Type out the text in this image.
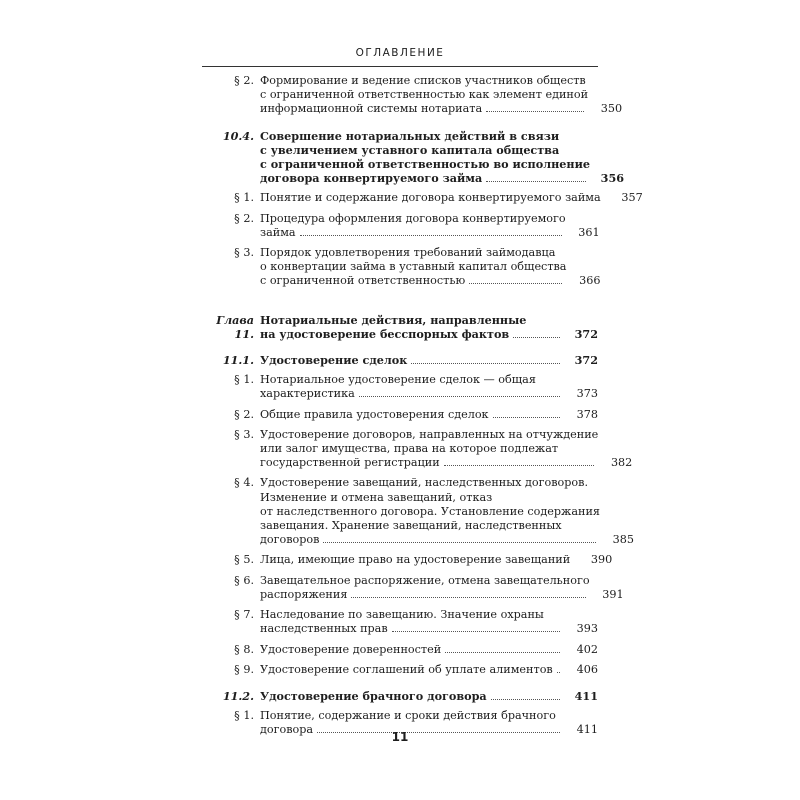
ОГЛАВЛЕНИЕ
§ 2. Формирование и ведение списков участников обществ
с ограниченной ответственностью как элемент единой
информационной системы нотариата	350
10.4. Совершение нотариальных действий в связи
с увеличением уставного капитала общества
с ограниченной ответственностью во исполнение
договора конвертируемого займа	356
§ 1. Понятие и содержание договора конвертируемого займа	357
§ 2. Процедура оформления договора конвертируемого
займа	361
§ 3. Порядок удовлетворения требований займодавца
о конвертации займа в уставный капитал общества
с ограниченной ответственностью	366
Глава 11.
Нотариальные действия, направленные
на удостоверение бесспорных фактов	372
11.1. Удостоверение сделок	372
§ 1. Нотариальное удостоверение сделок — общая
характеристика	373
§ 2. Общие правила удостоверения сделок	378
§ 3. Удостоверение договоров, направленных на отчуждение
или залог имущества, права на которое подлежат
государственной регистрации	382
§ 4. Удостоверение завещаний, наследственных договоров.
Изменение и отмена завещаний, отказ
от наследственного договора. Установление содержания
завещания. Хранение завещаний, наследственных
договоров	385
§ 5. Лица, имеющие право на удостоверение завещаний	390
§ 6. Завещательное распоряжение, отмена завещательного
распоряжения	391
§ 7. Наследование по завещанию. Значение охраны
наследственных прав	393
§ 8. Удостоверение доверенностей	402
§ 9. Удостоверение соглашений об уплате алиментов	406
11.2. Удостоверение брачного договора	411
§ 1. Понятие, содержание и сроки действия брачного
договора	411
11
